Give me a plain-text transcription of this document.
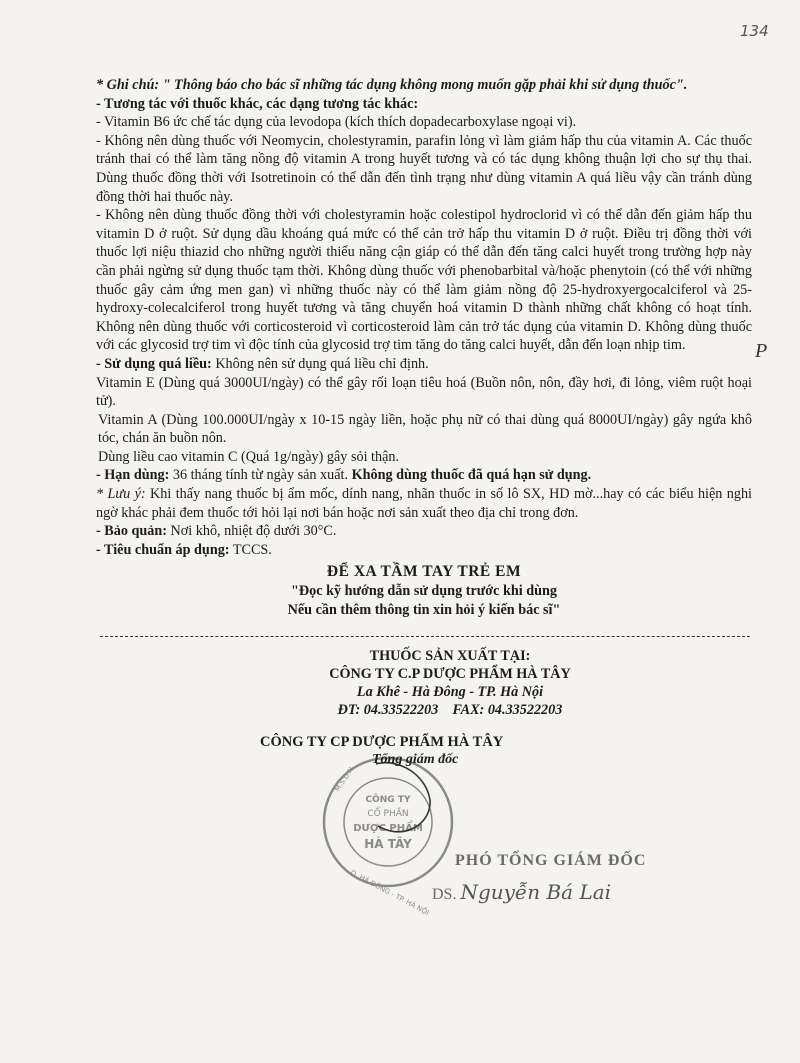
134
P

* Ghi chú: " Thông báo cho bác sĩ những tác dụng không mong muốn gặp phải khi sử dụng thuốc".

- Tương tác với thuốc khác, các dạng tương tác khác:

- Vitamin B6 ức chế tác dụng của levodopa (kích thích dopadecarboxylase ngoại vi).

- Không nên dùng thuốc với Neomycin, cholestyramin, parafin lỏng vì làm giảm hấp thu của vitamin A. Các thuốc tránh thai có thể làm tăng nồng độ vitamin A trong huyết tương và có tác dụng không thuận lợi cho sự thụ thai. Dùng thuốc đồng thời với Isotretinoin có thể dẫn đến tình trạng như dùng vitamin A quá liều vậy cần tránh dùng đồng thời hai thuốc này.

- Không nên dùng thuốc đồng thời với cholestyramin hoặc colestipol hydroclorid vì có thể dẫn đến giảm hấp thu vitamin D ở ruột. Sử dụng dầu khoáng quá mức có thể cản trở hấp thu vitamin D ở ruột. Điều trị đồng thời với thuốc lợi niệu thiazid cho những người thiểu năng cận giáp có thể dẫn đến tăng calci huyết trong trường hợp này cần phải ngừng sử dụng thuốc tạm thời. Không dùng thuốc với phenobarbital và/hoặc phenytoin (có thể với những thuốc gây cảm ứng men gan) vì những thuốc này có thể làm giảm nồng độ 25-hydroxyergocalciferol và 25-hydroxy-colecalciferol trong huyết tương và tăng chuyển hoá vitamin D thành những chất không có hoạt tính. Không nên dùng thuốc với corticosteroid vì corticosteroid làm cản trở tác dụng của vitamin D. Không dùng thuốc với các glycosid trợ tim vì độc tính của glycosid trợ tim tăng do tăng calci huyết, dẫn đến loạn nhịp tim.

- Sử dụng quá liều: Không nên sử dụng quá liều chỉ định.

Vitamin E (Dùng quá 3000UI/ngày) có thể gây rối loạn tiêu hoá (Buồn nôn, nôn, đầy hơi, đi lỏng, viêm ruột hoại tử).

Vitamin A (Dùng 100.000UI/ngày x 10-15 ngày liền, hoặc phụ nữ có thai dùng quá 8000UI/ngày) gây ngứa khô tóc, chán ăn buồn nôn.

Dùng liều cao vitamin C (Quá 1g/ngày) gây sỏi thận.

- Hạn dùng: 36 tháng tính từ ngày sản xuất. Không dùng thuốc đã quá hạn sử dụng.

* Lưu ý: Khi thấy nang thuốc bị ẩm mốc, dính nang, nhãn thuốc in số lô SX, HD mờ...hay có các biểu hiện nghi ngờ khác phải đem thuốc tới hỏi lại nơi bán hoặc nơi sản xuất theo địa chỉ trong đơn.

- Bảo quản: Nơi khô, nhiệt độ dưới 30°C.

- Tiêu chuẩn áp dụng: TCCS.

ĐỂ XA TẦM TAY TRẺ EM
"Đọc kỹ hướng dẫn sử dụng trước khi dùng
Nếu cần thêm thông tin xin hỏi ý kiến bác sĩ"
THUỐC SẢN XUẤT TẠI:
CÔNG TY C.P DƯỢC PHẨM HÀ TÂY
La Khê - Hà Đông - TP. Hà Nội
ĐT: 04.33522203    FAX: 04.33522203
CÔNG TY CP DƯỢC PHẨM HÀ TÂY
CÔNG TY
CỔ PHẦN
DƯỢC PHẨM
HÀ TÂY
M.S.D.N
Q. HÀ ĐÔNG - TP. HÀ NỘI
Tổng giám đốc
PHÓ TỔNG GIÁM ĐỐC
DS. Nguyễn Bá Lai
